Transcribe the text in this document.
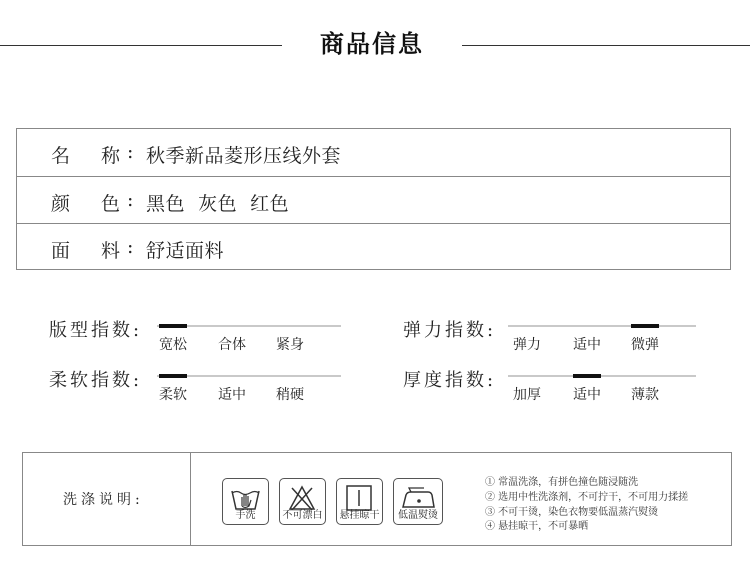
商品信息
名 称 : 秋季新品菱形压线外套
颜 色 : 黑色  灰色  红色
面 料 : 舒适面料
版型指数:
宽松 合体 紧身
弹力指数:
弹力 适中 微弹
柔软指数:
柔软 适中 稍硬
厚度指数:
加厚 适中 薄款
洗涤说明:
手洗	不可漂白	悬挂晾干	低温熨烫
① 常温洗涤，有拼色撞色随浸随洗
② 选用中性洗涤剂，不可拧干，不可用力揉搓
③ 不可干烫，染色衣物要低温蒸汽熨烫
④ 悬挂晾干，不可暴晒
